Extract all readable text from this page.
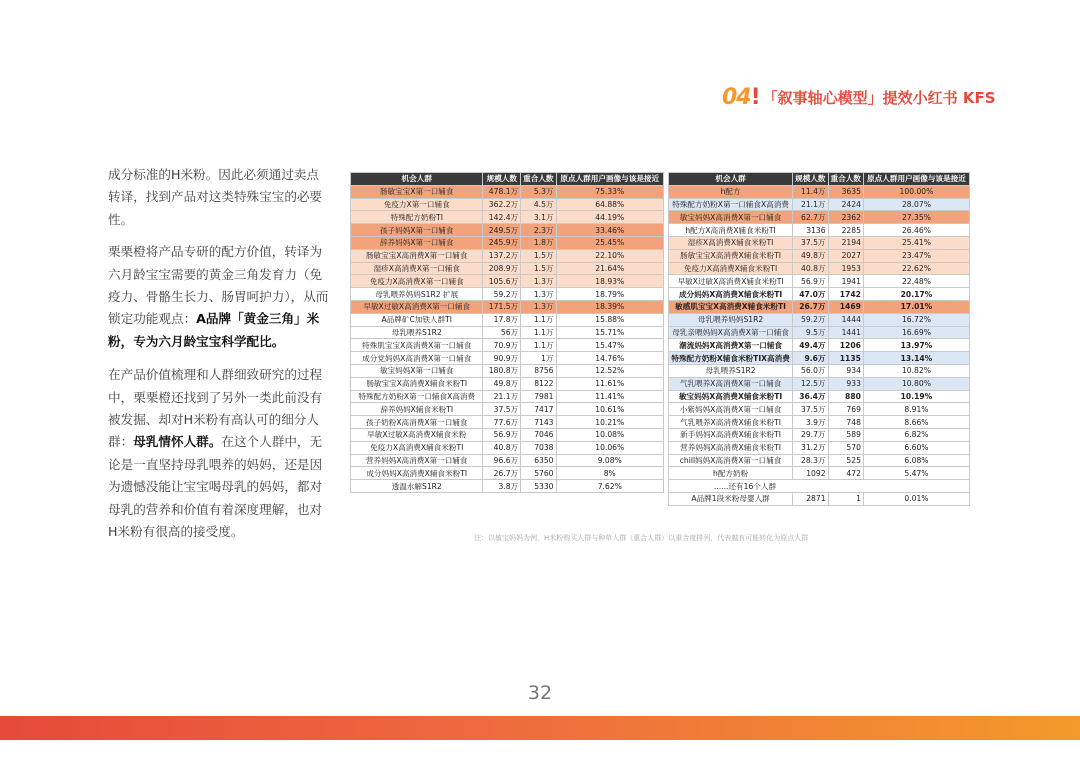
04 ! 「叙事轴心模型」提效小红书 KFS

成分标准的H米粉。因此必须通过卖点转译，找到产品对这类特殊宝宝的必要性。

栗栗橙将产品专研的配方价值，转译为六月龄宝宝需要的黄金三角发育力（免疫力、骨骼生长力、肠胃呵护力），从而锁定功能观点：A品牌「黄金三角」米粉，专为六月龄宝宝科学配比。

在产品价值梳理和人群细致研究的过程中，栗栗橙还找到了另外一类此前没有被发掘、却对H米粉有高认可的细分人群：母乳情怀人群。在这个人群中，无论是一直坚持母乳喂养的妈妈，还是因为遗憾没能让宝宝喝母乳的妈妈，都对母乳的营养和价值有着深度理解，也对H米粉有很高的接受度。

机会人群	规模人数	重合人数	原点人群用户画像与该是接近
肠敏宝宝X第一口辅食	478.1万	5.3万	75.33%
免疫力X第一口辅食	362.2万	4.5万	64.88%
特殊配方奶粉TI	142.4万	3.1万	44.19%
孩子妈妈X第一口辅食	249.5万	2.3万	33.46%
辞养妈妈X第一口辅食	245.9万	1.8万	25.45%
肠敏宝宝X高消费X第一口辅食	137.2万	1.5万	22.10%
湿疹X高消费X第一口辅食	208.9万	1.5万	21.64%
免疫力X高消费X第一口辅食	105.6万	1.3万	18.93%
母乳喂养妈妈S1R2 扩展	59.2万	1.3万	18.79%
早敏X过敏X高消费X第一口辅食	171.5万	1.3万	18.39%
A品牌矿C加铁人群TI	17.8万	1.1万	15.88%
母乳喂养S1R2	56万	1.1万	15.71%
特殊肌宝宝X高消费X第一口辅食	70.9万	1.1万	15.47%
成分党妈妈X高消费X第一口辅食	90.9万	1万	14.76%
敏宝妈妈X第一口辅食	180.8万	8756	12.52%
肠敏宝宝X高消费X辅食米粉TI	49.8万	8122	11.61%
特殊配方奶粉X第一口辅食X高消费	21.1万	7981	11.41%
辞养妈妈X辅食米粉TI	37.5万	7417	10.61%
孩子奶粉X高消费X第一口辅食	77.6万	7143	10.21%
早敏X过敏X高消费X辅食米粉	56.9万	7046	10.08%
免疫力X高消费X辅食米粉TI	40.8万	7038	10.06%
营养妈妈X高消费X第一口辅食	96.6万	6350	9.08%
成分妈妈X高消费X辅食米粉TI	26.7万	5760	8%
透温水解S1R2	3.8万	5330	7.62%
机会人群	规模人数	重合人数	原点人群用户画像与该是接近
h配方	11.4万	3635	100.00%
特殊配方奶粉X第一口辅食X高消费	21.1万	2424	28.07%
敏宝妈妈X高消费X第一口辅食	62.7万	2362	27.35%
h配方X高消费X辅食米粉TI	3136	2285	26.46%
湿疹X高消费X辅食米粉TI	37.5万	2194	25.41%
肠敏宝宝X高消费X辅食米粉TI	49.8万	2027	23.47%
免疫力X高消费X辅食米粉TI	40.8万	1953	22.62%
早敏X过敏X高消费X辅食米粉TI	56.9万	1941	22.48%
成分妈妈X高消费X辅食米粉TI	47.0万	1742	20.17%
敏感肌宝宝X高消费X辅食米粉TI	26.7万	1469	17.01%
母乳喂养妈妈S1R2	59.2万	1444	16.72%
母乳亲喂妈妈X高消费X第一口辅食	9.5万	1441	16.69%
潮流妈妈X高消费X第一口辅食	49.4万	1206	13.97%
特殊配方奶粉X辅食米粉TIX高消费	9.6万	1135	13.14%
母乳喂养S1R2	56.0万	934	10.82%
气乳喂养X高消费X第一口辅食	12.5万	933	10.80%
敏宝妈妈X高消费X辅食米粉TI	36.4万	880	10.19%
小紫妈妈X高消费X第一口辅食	37.5万	769	8.91%
气乳喂养X高消费X辅食米粉TI	3.9万	748	8.66%
新手妈妈X高消费X辅食米粉TI	29.7万	589	6.82%
营养妈妈X高消费X辅食米粉TI	31.2万	570	6.60%
chill妈妈X高消费X第一口辅食	28.3万	525	6.08%
h配方奶粉	1092	472	5.47%
......还有16个人群			
A品牌1段米粉母婴人群	2871	1	0.01%
注：以敏宝妈妈为例，H米粉购买人群与种草人群（重合人群）以重合度排列，代表越有可能转化为原点人群
32
